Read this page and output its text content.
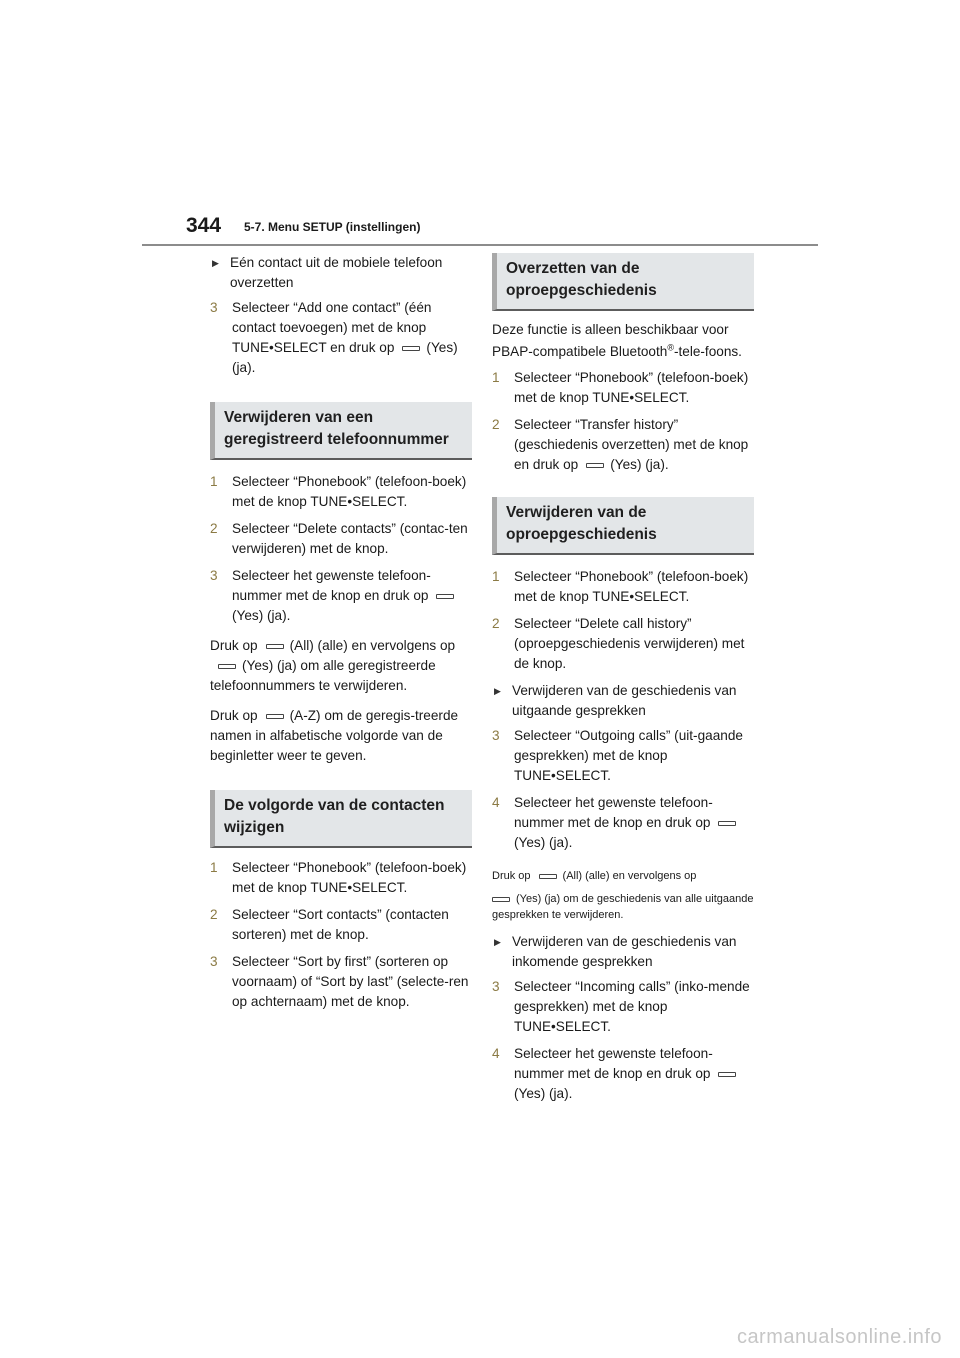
344 5-7. Menu SETUP (instellingen)
▶ Eén contact uit de mobiele telefoon overzetten
3	Selecteer “Add one contact” (één contact toevoegen) met de knop TUNE•SELECT en druk op (Yes) (ja).
Verwijderen van een geregistreerd telefoonnummer
1	Selecteer “Phonebook” (telefoon-boek) met de knop TUNE•SELECT.
2	Selecteer “Delete contacts” (contac-ten verwijderen) met de knop.
3	Selecteer het gewenste telefoon-nummer met de knop en druk op(Yes) (ja).

Druk op (All) (alle) en vervolgens op(Yes) (ja) om alle geregistreerde telefoonnummers te verwijderen.

Druk op (A-Z) om de geregis-treerde namen in alfabetische volgorde van de beginletter weer te geven.

De volgorde van de contacten wijzigen
1	Selecteer “Phonebook” (telefoon-boek) met de knop TUNE•SELECT.
2	Selecteer “Sort contacts” (contacten sorteren) met de knop.
3	Selecteer “Sort by first” (sorteren op voornaam) of “Sort by last” (selecte-ren op achternaam) met de knop.
Overzetten van de oproepgeschiedenis

Deze functie is alleen beschikbaar voor PBAP-compatibele Bluetooth®-tele-foons.

1	Selecteer “Phonebook” (telefoon-boek) met de knop TUNE•SELECT.
2	Selecteer “Transfer history” (geschiedenis overzetten) met de knop en druk op (Yes) (ja).
Verwijderen van de oproepgeschiedenis
1	Selecteer “Phonebook” (telefoon-boek) met de knop TUNE•SELECT.
2	Selecteer “Delete call history” (oproepgeschiedenis verwijderen) met de knop.
▶ Verwijderen van de geschiedenis van uitgaande gesprekken
3	Selecteer “Outgoing calls” (uit-gaande gesprekken) met de knop TUNE•SELECT.
4	Selecteer het gewenste telefoon-nummer met de knop en druk op(Yes) (ja).

Druk op	(All) (alle) en vervolgens op

(Yes) (ja) om de geschiedenis van alle uitgaande gesprekken te verwijderen.

▶ Verwijderen van de geschiedenis van inkomende gesprekken
3	Selecteer “Incoming calls” (inko-mende gesprekken) met de knop TUNE•SELECT.
4	Selecteer het gewenste telefoon-nummer met de knop en druk op(Yes) (ja).
carmanualsonline.info
